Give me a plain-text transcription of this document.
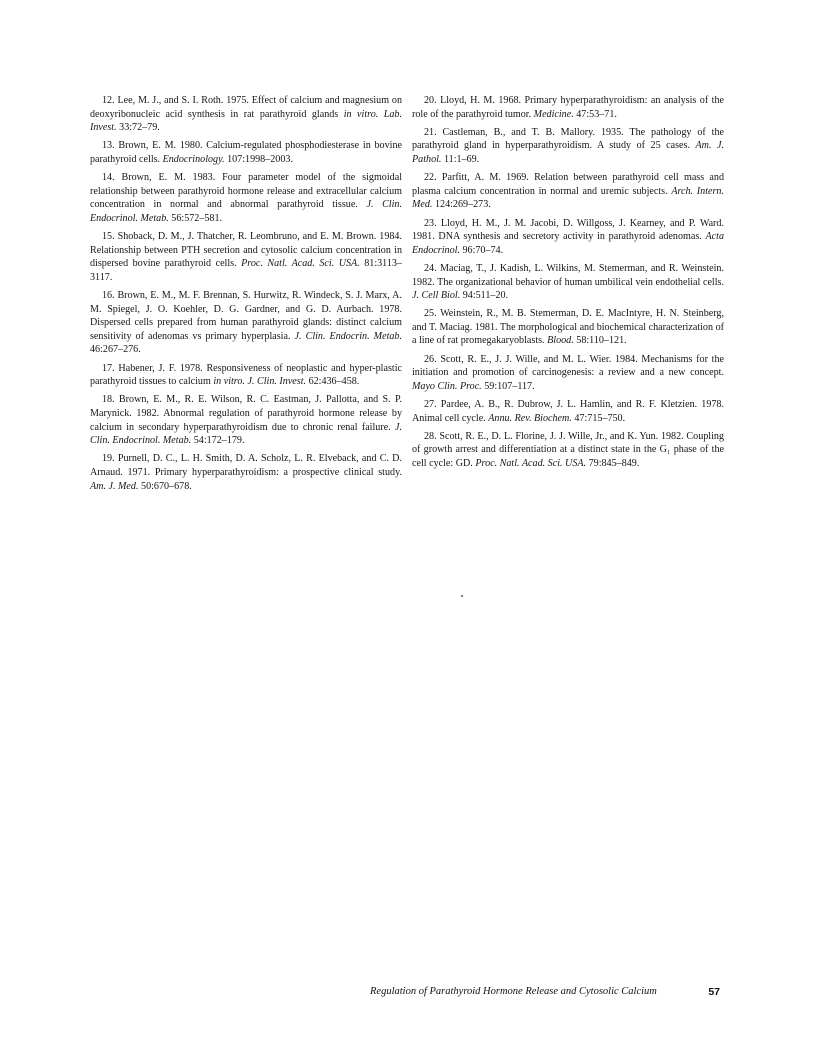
12. Lee, M. J., and S. I. Roth. 1975. Effect of calcium and magnesium on deoxyribonucleic acid synthesis in rat parathyroid glands in vitro. Lab. Invest. 33:72–79.

13. Brown, E. M. 1980. Calcium-regulated phosphodiesterase in bovine parathyroid cells. Endocrinology. 107:1998–2003.

14. Brown, E. M. 1983. Four parameter model of the sigmoidal relationship between parathyroid hormone release and extracellular calcium concentration in normal and abnormal parathyroid tissue. J. Clin. Endocrinol. Metab. 56:572–581.

15. Shoback, D. M., J. Thatcher, R. Leombruno, and E. M. Brown. 1984. Relationship between PTH secretion and cytosolic calcium concentration in dispersed bovine parathyroid cells. Proc. Natl. Acad. Sci. USA. 81:3113–3117.

16. Brown, E. M., M. F. Brennan, S. Hurwitz, R. Windeck, S. J. Marx, A. M. Spiegel, J. O. Koehler, D. G. Gardner, and G. D. Aurbach. 1978. Dispersed cells prepared from human parathyroid glands: distinct calcium sensitivity of adenomas vs primary hyperplasia. J. Clin. Endocrin. Metab. 46:267–276.

17. Habener, J. F. 1978. Responsiveness of neoplastic and hyper-plastic parathyroid tissues to calcium in vitro. J. Clin. Invest. 62:436–458.

18. Brown, E. M., R. E. Wilson, R. C. Eastman, J. Pallotta, and S. P. Marynick. 1982. Abnormal regulation of parathyroid hormone release by calcium in secondary hyperparathyroidism due to chronic renal failure. J. Clin. Endocrinol. Metab. 54:172–179.

19. Purnell, D. C., L. H. Smith, D. A. Scholz, L. R. Elveback, and C. D. Arnaud. 1971. Primary hyperparathyroidism: a prospective clinical study. Am. J. Med. 50:670–678.

20. Lloyd, H. M. 1968. Primary hyperparathyroidism: an analysis of the role of the parathyroid tumor. Medicine. 47:53–71.

21. Castleman, B., and T. B. Mallory. 1935. The pathology of the parathyroid gland in hyperparathyroidism. A study of 25 cases. Am. J. Pathol. 11:1–69.

22. Parfitt, A. M. 1969. Relation between parathyroid cell mass and plasma calcium concentration in normal and uremic subjects. Arch. Intern. Med. 124:269–273.

23. Lloyd, H. M., J. M. Jacobi, D. Willgoss, J. Kearney, and P. Ward. 1981. DNA synthesis and secretory activity in parathyroid adenomas. Acta Endocrinol. 96:70–74.

24. Maciag, T., J. Kadish, L. Wilkins, M. Stemerman, and R. Weinstein. 1982. The organizational behavior of human umbilical vein endothelial cells. J. Cell Biol. 94:511–20.

25. Weinstein, R., M. B. Stemerman, D. E. MacIntyre, H. N. Steinberg, and T. Maciag. 1981. The morphological and biochemical characterization of a line of rat promegakaryoblasts. Blood. 58:110–121.

26. Scott, R. E., J. J. Wille, and M. L. Wier. 1984. Mechanisms for the initiation and promotion of carcinogenesis: a review and a new concept. Mayo Clin. Proc. 59:107–117.

27. Pardee, A. B., R. Dubrow, J. L. Hamlin, and R. F. Kletzien. 1978. Animal cell cycle. Annu. Rev. Biochem. 47:715–750.

28. Scott, R. E., D. L. Florine, J. J. Wille, Jr., and K. Yun. 1982. Coupling of growth arrest and differentiation at a distinct state in the G₁ phase of the cell cycle: GD. Proc. Natl. Acad. Sci. USA. 79:845–849.

Regulation of Parathyroid Hormone Release and Cytosolic Calcium	57
